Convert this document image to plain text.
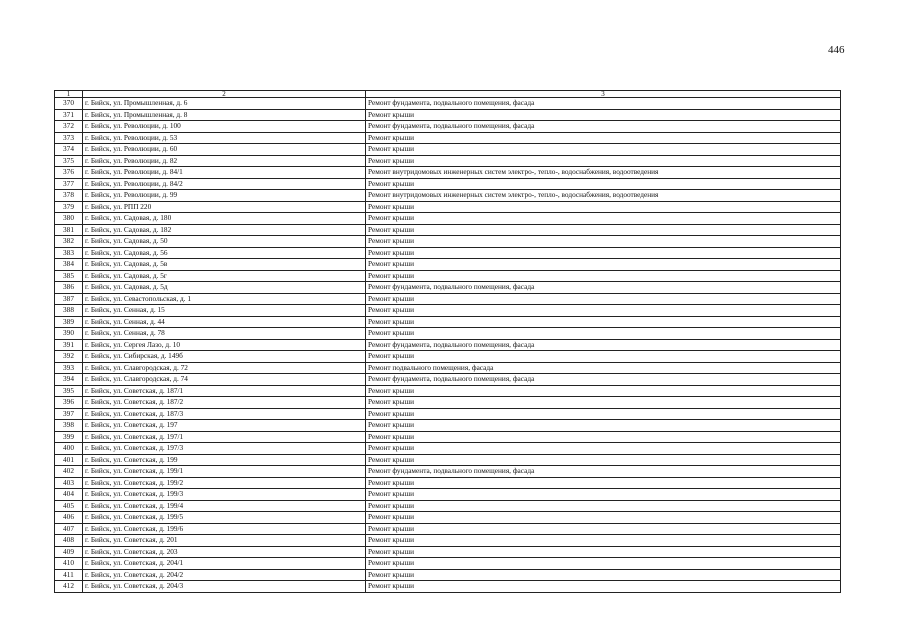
446
1	2	3
370	г. Бийск, ул. Промышленная, д. 6	Ремонт фундамента, подвального помещения, фасада
371	г. Бийск, ул. Промышленная, д. 8	Ремонт крыши
372	г. Бийск, ул. Революции, д. 100	Ремонт фундамента, подвального помещения, фасада
373	г. Бийск, ул. Революции, д. 53	Ремонт крыши
374	г. Бийск, ул. Революции, д. 60	Ремонт крыши
375	г. Бийск, ул. Революции, д. 82	Ремонт крыши
376	г. Бийск, ул. Революции, д. 84/1	Ремонт внутридомовых инженерных систем электро-, тепло-, водоснабжения, водоотведения
377	г. Бийск, ул. Революции, д. 84/2	Ремонт крыши
378	г. Бийск, ул. Революции, д. 99	Ремонт внутридомовых инженерных систем электро-, тепло-, водоснабжения, водоотведения
379	г. Бийск, ул. РПП 220	Ремонт крыши
380	г. Бийск, ул. Садовая, д. 180	Ремонт крыши
381	г. Бийск, ул. Садовая, д. 182	Ремонт крыши
382	г. Бийск, ул. Садовая, д. 50	Ремонт крыши
383	г. Бийск, ул. Садовая, д. 56	Ремонт крыши
384	г. Бийск, ул. Садовая, д. 5в	Ремонт крыши
385	г. Бийск, ул. Садовая, д. 5г	Ремонт крыши
386	г. Бийск, ул. Садовая, д. 5д	Ремонт фундамента, подвального помещения, фасада
387	г. Бийск, ул. Севастопольская, д. 1	Ремонт крыши
388	г. Бийск, ул. Сенная, д. 15	Ремонт крыши
389	г. Бийск, ул. Сенная, д. 44	Ремонт крыши
390	г. Бийск, ул. Сенная, д. 78	Ремонт крыши
391	г. Бийск, ул. Сергея Лазо, д. 10	Ремонт фундамента, подвального помещения, фасада
392	г. Бийск, ул. Сибирская, д. 149б	Ремонт крыши
393	г. Бийск, ул. Славгородская, д. 72	Ремонт подвального помещения, фасада
394	г. Бийск, ул. Славгородская, д. 74	Ремонт фундамента, подвального помещения, фасада
395	г. Бийск, ул. Советская, д. 187/1	Ремонт крыши
396	г. Бийск, ул. Советская, д. 187/2	Ремонт крыши
397	г. Бийск, ул. Советская, д. 187/3	Ремонт крыши
398	г. Бийск, ул. Советская, д. 197	Ремонт крыши
399	г. Бийск, ул. Советская, д. 197/1	Ремонт крыши
400	г. Бийск, ул. Советская, д. 197/3	Ремонт крыши
401	г. Бийск, ул. Советская, д. 199	Ремонт крыши
402	г. Бийск, ул. Советская, д. 199/1	Ремонт фундамента, подвального помещения, фасада
403	г. Бийск, ул. Советская, д. 199/2	Ремонт крыши
404	г. Бийск, ул. Советская, д. 199/3	Ремонт крыши
405	г. Бийск, ул. Советская, д. 199/4	Ремонт крыши
406	г. Бийск, ул. Советская, д. 199/5	Ремонт крыши
407	г. Бийск, ул. Советская, д. 199/6	Ремонт крыши
408	г. Бийск, ул. Советская, д. 201	Ремонт крыши
409	г. Бийск, ул. Советская, д. 203	Ремонт крыши
410	г. Бийск, ул. Советская, д. 204/1	Ремонт крыши
411	г. Бийск, ул. Советская, д. 204/2	Ремонт крыши
412	г. Бийск, ул. Советская, д. 204/3	Ремонт крыши
